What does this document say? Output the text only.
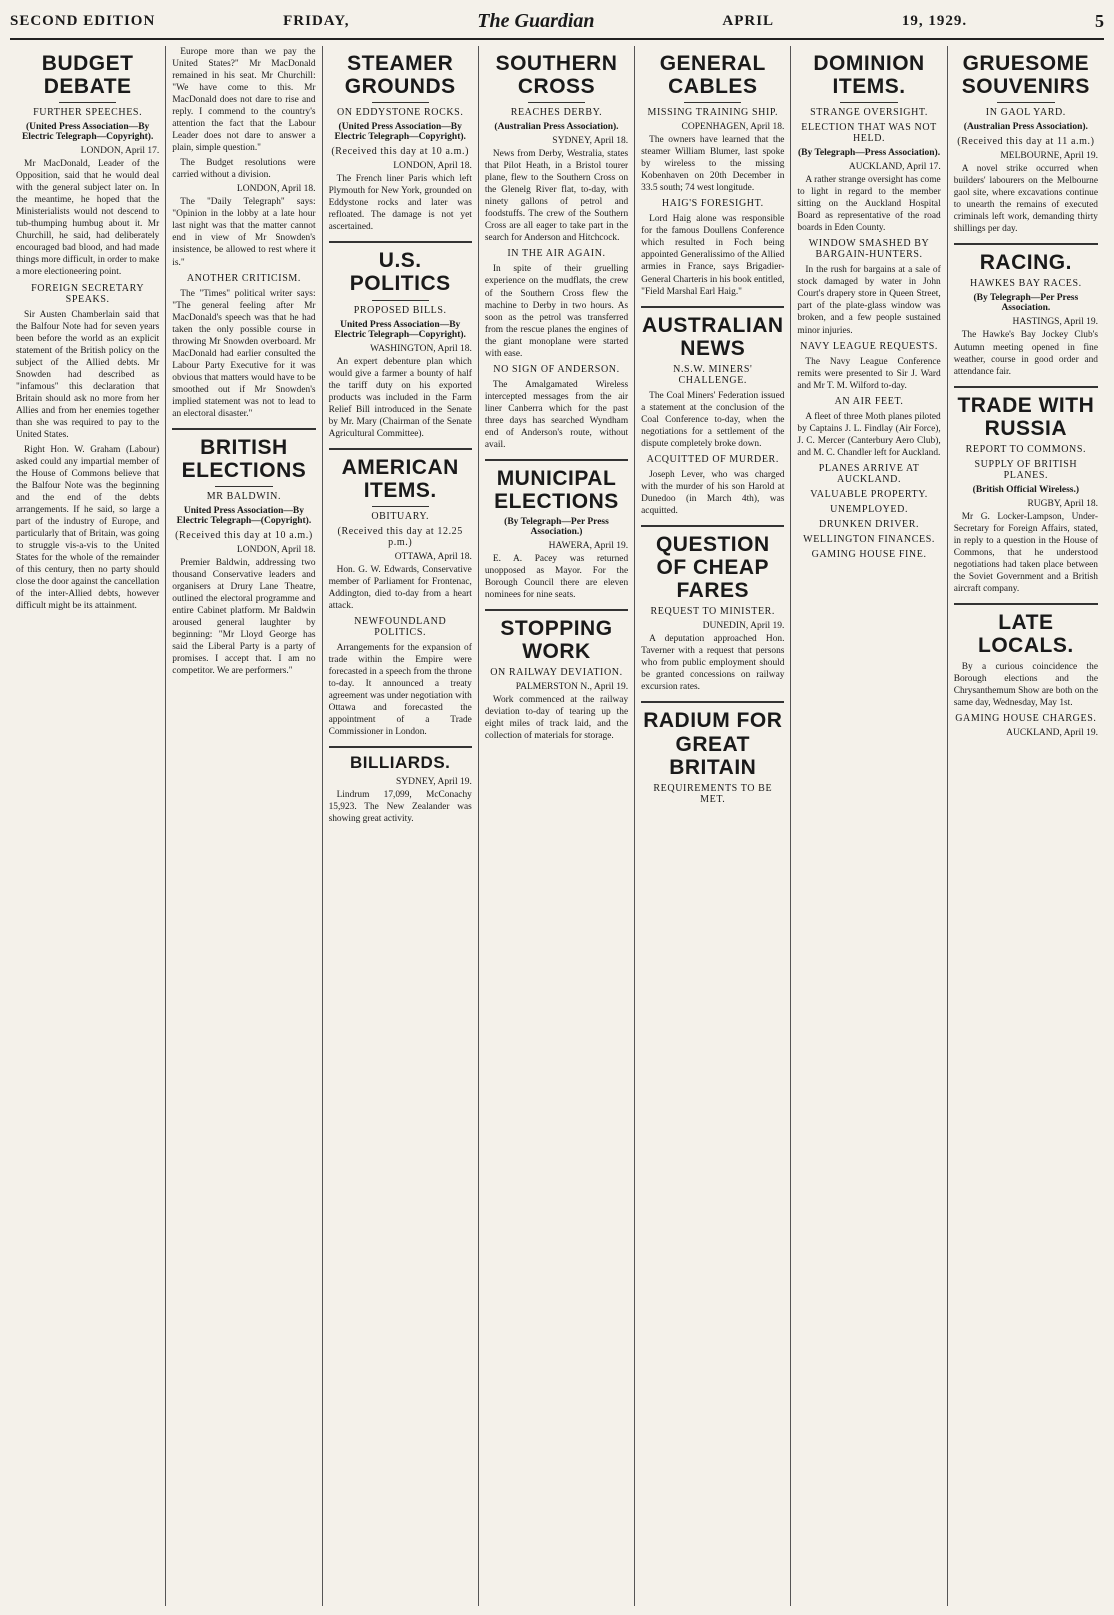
SECOND EDITION	FRIDAY,	The Guardian	APRIL	19, 1929.	5
BUDGET DEBATE
FURTHER SPEECHES.
(United Press Association—By Electric Telegraph—Copyright).
LONDON, April 17.

Mr MacDonald, Leader of the Opposition, said that he would deal with the general subject later on. In the meantime, he hoped that the Ministerialists would not descend to tub-thumping humbug about it. Mr Churchill, he said, had deliberately encouraged bad blood, and had made things more difficult, in order to make a more electioneering point.

FOREIGN SECRETARY SPEAKS.

Sir Austen Chamberlain said that the Balfour Note had for seven years been before the world as an explicit statement of the British policy on the subject of the Allied debts. Mr Snowden had described as "infamous" this declaration that Britain should ask no more from her Allies and from her enemies together than she was required to pay to the United States.

Right Hon. W. Graham (Labour) asked could any impartial member of the House of Commons believe that the Balfour Note was the beginning and the end of the debts arrangements. If he said, so large a part of the industry of Europe, and particularly that of Britain, was going to struggle vis-a-vis to the United States for the whole of the remainder of this century, then no party should close the door against the cancellation of the inter-Allied debts, however difficult might be its attainment.

Europe more than we pay the United States?" Mr MacDonald remained in his seat. Mr Churchill: "We have come to this. Mr MacDonald does not dare to rise and reply. I commend to the country's attention the fact that the Labour Leader does not dare to answer a plain, simple question."

The Budget resolutions were carried without a division.

LONDON, April 18.

The "Daily Telegraph" says: "Opinion in the lobby at a late hour last night was that the matter cannot end in view of Mr Snowden's insistence, be allowed to rest where it is."

ANOTHER CRITICISM.

The "Times" political writer says: "The general feeling after Mr MacDonald's speech was that he had taken the only possible course in throwing Mr Snowden overboard. Mr MacDonald had earlier consulted the Labour Party Executive for it was obvious that matters would have to be smoothed out if Mr Snowden's implied statement was not to lead to an electoral disaster."

BRITISH ELECTIONS
MR BALDWIN.
United Press Association—By Electric Telegraph—(Copyright).
(Received this day at 10 a.m.)
LONDON, April 18.

Premier Baldwin, addressing two thousand Conservative leaders and organisers at Drury Lane Theatre, outlined the electoral programme and entire Cabinet platform. Mr Baldwin aroused general laughter by beginning: "Mr Lloyd George has said the Liberal Party is a party of promises. I accept that. I am no competitor. We are performers."

STEAMER GROUNDS
ON EDDYSTONE ROCKS.
(United Press Association—By Electric Telegraph—Copyright).
(Received this day at 10 a.m.)
LONDON, April 18.

The French liner Paris which left Plymouth for New York, grounded on Eddystone rocks and later was refloated. The damage is not yet ascertained.

U.S. POLITICS
PROPOSED BILLS.
United Press Association—By Electric Telegraph—Copyright).
WASHINGTON, April 18.

An expert debenture plan which would give a farmer a bounty of half the tariff duty on his exported products was included in the Farm Relief Bill introduced in the Senate by Mr. Mary (Chairman of the Senate Agricultural Committee).

AMERICAN ITEMS.
OBITUARY.
(Received this day at 12.25 p.m.)
OTTAWA, April 18.

Hon. G. W. Edwards, Conservative member of Parliament for Frontenac, Addington, died to-day from a heart attack.

NEWFOUNDLAND POLITICS.

Arrangements for the expansion of trade within the Empire were forecasted in a speech from the throne to-day. It announced a treaty agreement was under negotiation with Ottawa and forecasted the appointment of a Trade Commissioner in London.

BILLIARDS.
SYDNEY, April 19.

Lindrum 17,099, McConachy 15,923. The New Zealander was showing great activity.

SOUTHERN CROSS
REACHES DERBY.
(Australian Press Association).
SYDNEY, April 18.

News from Derby, Westralia, states that Pilot Heath, in a Bristol tourer plane, flew to the Southern Cross on the Glenelg River flat, to-day, with ninety gallons of petrol and foodstuffs. The crew of the Southern Cross are all eager to take part in the search for Anderson and Hitchcock.

IN THE AIR AGAIN.

In spite of their gruelling experience on the mudflats, the crew of the Southern Cross flew the machine to Derby in two hours. As soon as the petrol was transferred from the rescue planes the engines of the giant monoplane were started with ease.

NO SIGN OF ANDERSON.

The Amalgamated Wireless intercepted messages from the air liner Canberra which for the past three days has searched Wyndham end of Anderson's route, without avail.

MUNICIPAL ELECTIONS
(By Telegraph—Per Press Association.)
HAWERA, April 19.

E. A. Pacey was returned unopposed as Mayor. For the Borough Council there are eleven nominees for nine seats.

STOPPING WORK
ON RAILWAY DEVIATION.
PALMERSTON N., April 19.

Work commenced at the railway deviation to-day of tearing up the eight miles of track laid, and the collection of materials for storage.

GENERAL CABLES
MISSING TRAINING SHIP.
COPENHAGEN, April 18.

The owners have learned that the steamer William Blumer, last spoke by wireless to the missing Kobenhaven on 20th December in 33.5 south; 74 west longitude.

HAIG'S FORESIGHT.

Lord Haig alone was responsible for the famous Doullens Conference which resulted in Foch being appointed Generalissimo of the Allied armies in France, says Brigadier-General Charteris in his book entitled, "Field Marshal Earl Haig."

AUSTRALIAN NEWS
N.S.W. MINERS' CHALLENGE.

The Coal Miners' Federation issued a statement at the conclusion of the Coal Conference to-day, when the negotiations for a settlement of the dispute completely broke down.

ACQUITTED OF MURDER.

Joseph Lever, who was charged with the murder of his son Harold at Dunedoo (in March 4th), was acquitted.

QUESTION OF CHEAP FARES
REQUEST TO MINISTER.
DUNEDIN, April 19.

A deputation approached Hon. Taverner with a request that persons who from public employment should be granted concessions on railway excursion rates.

RADIUM FOR GREAT BRITAIN
REQUIREMENTS TO BE MET.
DOMINION ITEMS.
STRANGE OVERSIGHT.
ELECTION THAT WAS NOT HELD.
(By Telegraph—Press Association).
AUCKLAND, April 17.

A rather strange oversight has come to light in regard to the member sitting on the Auckland Hospital Board as representative of the road boards in Eden County.

WINDOW SMASHED BY BARGAIN-HUNTERS.

In the rush for bargains at a sale of stock damaged by water in John Court's drapery store in Queen Street, part of the plate-glass window was broken, and a few people sustained minor injuries.

NAVY LEAGUE REQUESTS.

The Navy League Conference remits were presented to Sir J. Ward and Mr T. M. Wilford to-day.

AN AIR FEET.

A fleet of three Moth planes piloted by Captains J. L. Findlay (Air Force), J. C. Mercer (Canterbury Aero Club), and M. C. Chandler left for Auckland.

PLANES ARRIVE AT AUCKLAND.
VALUABLE PROPERTY.
UNEMPLOYED.
DRUNKEN DRIVER.
WELLINGTON FINANCES.
GAMING HOUSE FINE.
GRUESOME SOUVENIRS
IN GAOL YARD.
(Australian Press Association).
(Received this day at 11 a.m.)
MELBOURNE, April 19.

A novel strike occurred when builders' labourers on the Melbourne gaol site, where excavations continue to unearth the remains of executed criminals left work, demanding thirty shillings per day.

RACING.
HAWKES BAY RACES.
(By Telegraph—Per Press Association.
HASTINGS, April 19.

The Hawke's Bay Jockey Club's Autumn meeting opened in fine weather, course in good order and attendance fair.

TRADE WITH RUSSIA
REPORT TO COMMONS.
SUPPLY OF BRITISH PLANES.
(British Official Wireless.)
RUGBY, April 18.

Mr G. Locker-Lampson, Under-Secretary for Foreign Affairs, stated, in reply to a question in the House of Commons, that he understood negotiations had taken place between the Soviet Government and a British aircraft company.

LATE LOCALS.

By a curious coincidence the Borough elections and the Chrysanthemum Show are both on the same day, Wednesday, May 1st.

GAMING HOUSE CHARGES.
AUCKLAND, April 19.
